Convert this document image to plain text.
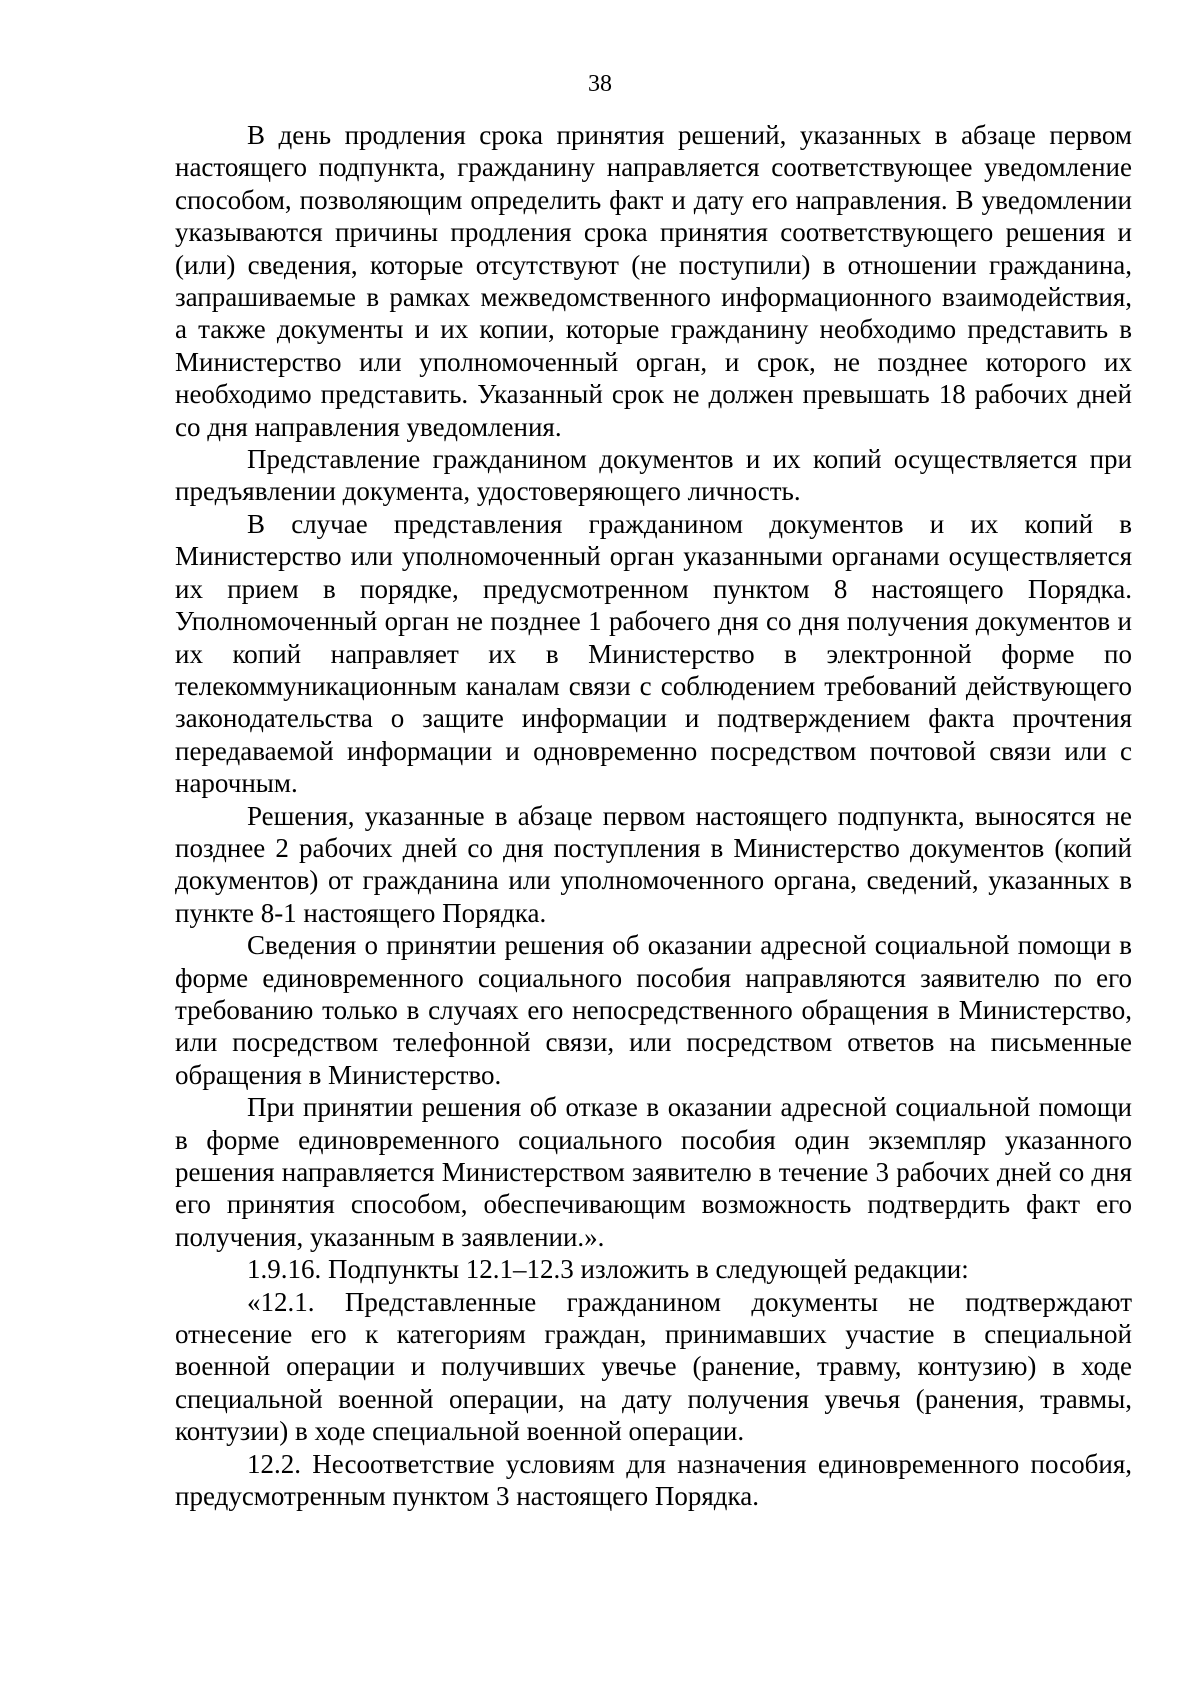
38

В день продления срока принятия решений, указанных в абзаце первом настоящего подпункта, гражданину направляется соответствующее уведомление способом, позволяющим определить факт и дату его направления. В уведомлении указываются причины продления срока принятия соответствующего решения и (или) сведения, которые отсутствуют (не поступили) в отношении гражданина, запрашиваемые в рамках межведомственного информационного взаимодействия, а также документы и их копии, которые гражданину необходимо представить в Министерство или уполномоченный орган, и срок, не позднее которого их необходимо представить. Указанный срок не должен превышать 18 рабочих дней со дня направления уведомления.

Представление гражданином документов и их копий осуществляется при предъявлении документа, удостоверяющего личность.

В случае представления гражданином документов и их копий в Министерство или уполномоченный орган указанными органами осуществляется их прием в порядке, предусмотренном пунктом 8 настоящего Порядка. Уполномоченный орган не позднее 1 рабочего дня со дня получения документов и их копий направляет их в Министерство в электронной форме по телекоммуникационным каналам связи с соблюдением требований действующего законодательства о защите информации и подтверждением факта прочтения передаваемой информации и одновременно посредством почтовой связи или с нарочным.

Решения, указанные в абзаце первом настоящего подпункта, выносятся не позднее 2 рабочих дней со дня поступления в Министерство документов (копий документов) от гражданина или уполномоченного органа, сведений, указанных в пункте 8-1 настоящего Порядка.

Сведения о принятии решения об оказании адресной социальной помощи в форме единовременного социального пособия направляются заявителю по его требованию только в случаях его непосредственного обращения в Министерство, или посредством телефонной связи, или посредством ответов на письменные обращения в Министерство.

При принятии решения об отказе в оказании адресной социальной помощи в форме единовременного социального пособия один экземпляр указанного решения направляется Министерством заявителю в течение 3 рабочих дней со дня его принятия способом, обеспечивающим возможность подтвердить факт его получения, указанным в заявлении.».

1.9.16. Подпункты 12.1–12.3 изложить в следующей редакции:

«12.1. Представленные гражданином документы не подтверждают отнесение его к категориям граждан, принимавших участие в специальной военной операции и получивших увечье (ранение, травму, контузию) в ходе специальной военной операции, на дату получения увечья (ранения, травмы, контузии) в ходе специальной военной операции.

12.2. Несоответствие условиям для назначения единовременного пособия, предусмотренным пунктом 3 настоящего Порядка.
